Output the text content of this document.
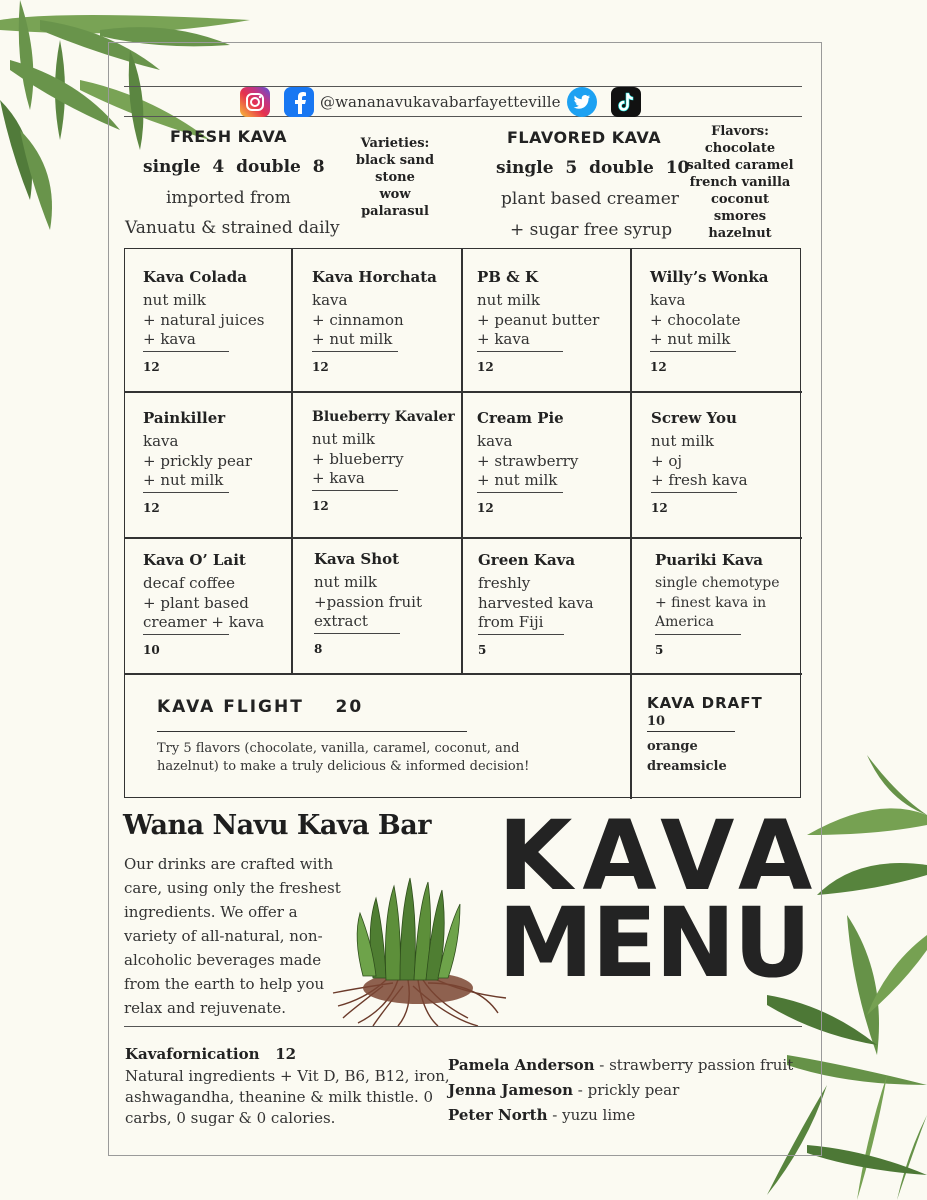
@wananavukavabarfayetteville
FRESH KAVA
single 4 double 8
imported from
Vanuatu & strained daily
Varieties:
black sand
stone
wow
palarasul
FLAVORED KAVA
single 5 double 10
plant based creamer
+ sugar free syrup
Flavors:
chocolate
salted caramel
french vanilla
coconut
smores
hazelnut
Kava Colada
nut milk
+ natural juices
+ kava
12
Kava Horchata
kava
+ cinnamon
+ nut milk
12
PB & K
nut milk
+ peanut butter
+ kava
12
Willy’s Wonka
kava
+ chocolate
+ nut milk
12
Painkiller
kava
+ prickly pear
+ nut milk
12
Blueberry Kavaler
nut milk
+ blueberry
+ kava
12
Cream Pie
kava
+ strawberry
+ nut milk
12
Screw You
nut milk
+ oj
+ fresh kava
12
Kava O’ Lait
decaf coffee
+ plant based
creamer + kava
10
Kava Shot
nut milk
+passion fruit
extract
8
Green Kava
freshly
harvested kava
from Fiji
5
Puariki Kava
single chemotype
+ finest kava in
America
5
KAVA FLIGHT 20
Try 5 flavors (chocolate, vanilla, caramel, coconut, and
hazelnut) to make a truly delicious & informed decision!
KAVA DRAFT
10
orange
dreamsicle
Wana Navu Kava Bar
Our drinks are crafted with
care, using only the freshest
ingredients. We offer a
variety of all-natural, non-
alcoholic beverages made
from the earth to help you
relax and rejuvenate.
KAVA
MENU
Kavafornication 12
Natural ingredients + Vit D, B6, B12, iron,
ashwagandha, theanine & milk thistle. 0
carbs, 0 sugar & 0 calories.
Pamela Anderson - strawberry passion fruit
Jenna Jameson - prickly pear
Peter North - yuzu lime
